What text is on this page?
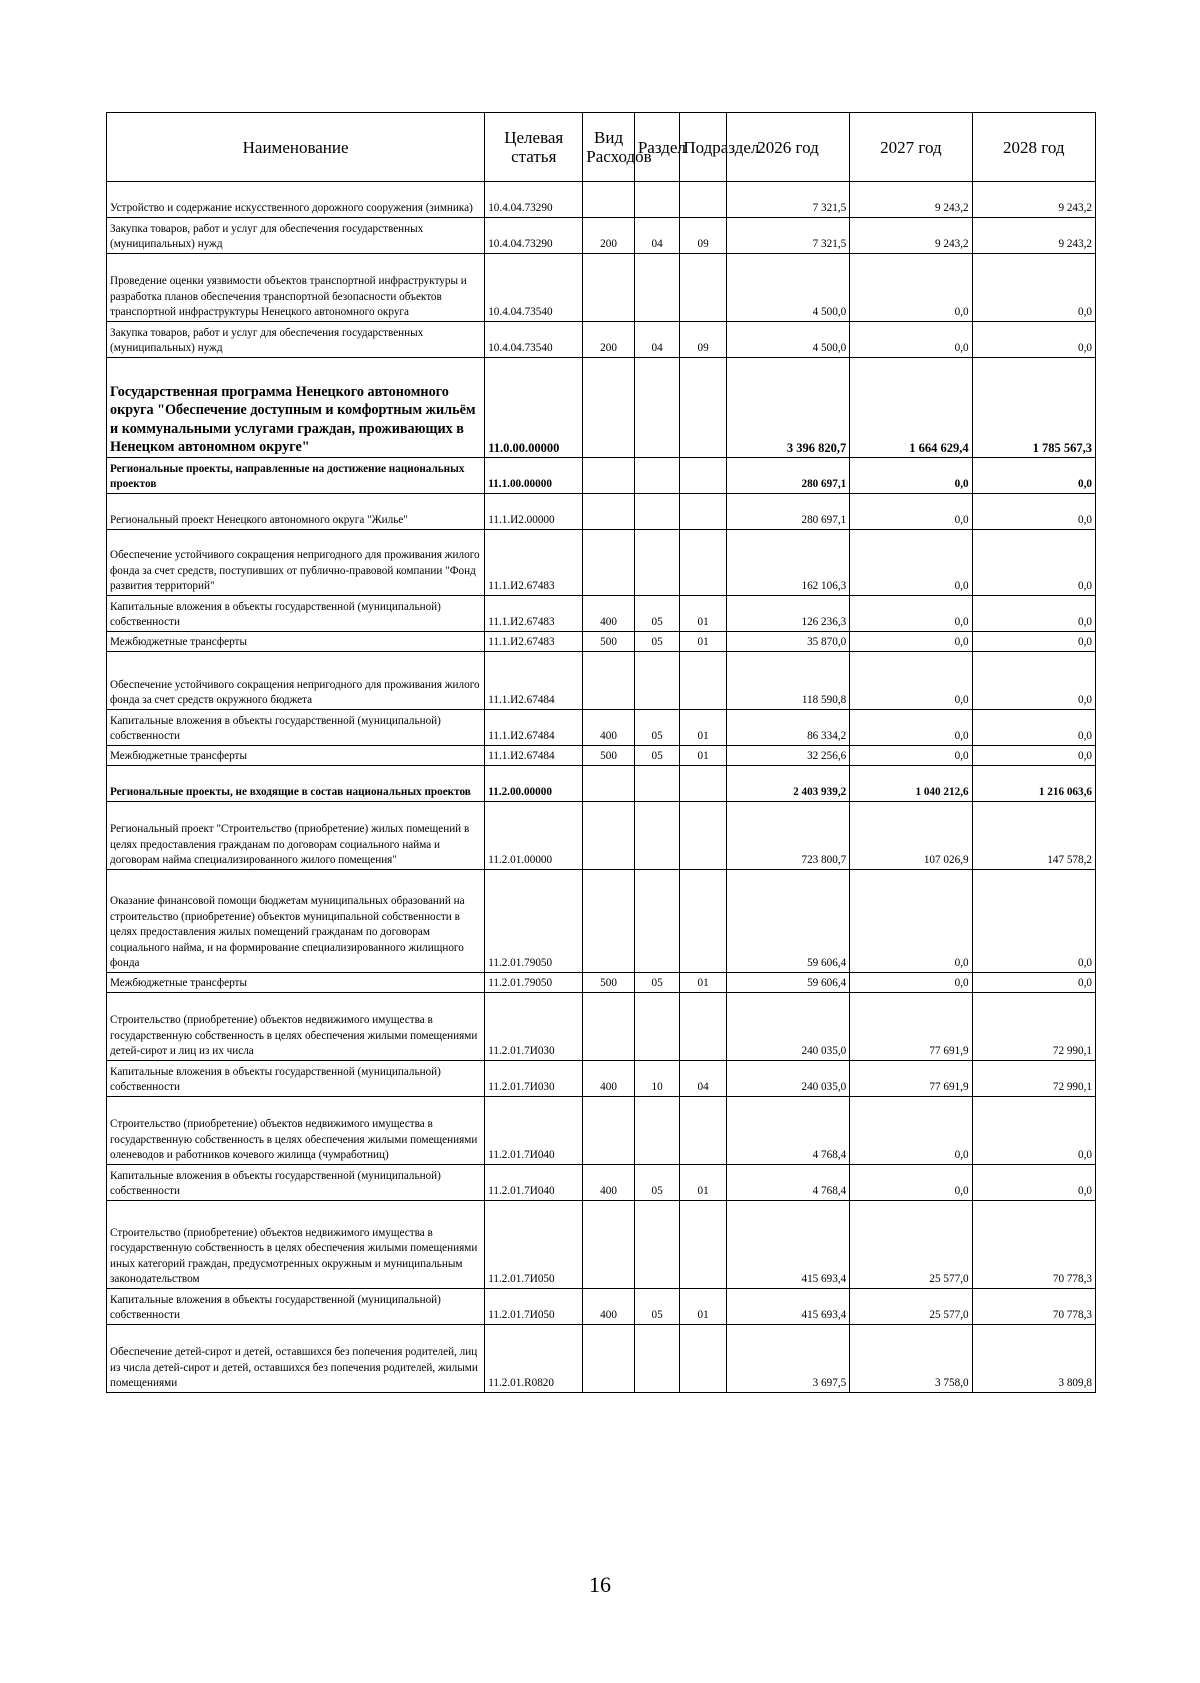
Наименование	Целевая статья	Вид Расходов	Раздел	Подраздел	2026 год	2027 год	2028 год
Устройство и содержание искусственного дорожного сооружения (зимника)	10.4.04.73290				7 321,5	9 243,2	9 243,2
Закупка товаров, работ и услуг для обеспечения государственных (муниципальных) нужд	10.4.04.73290	200	04	09	7 321,5	9 243,2	9 243,2
Проведение оценки уязвимости объектов транспортной инфраструктуры и разработка планов обеспечения транспортной безопасности объектов транспортной инфраструктуры Ненецкого автономного округа	10.4.04.73540				4 500,0	0,0	0,0
Закупка товаров, работ и услуг для обеспечения государственных (муниципальных) нужд	10.4.04.73540	200	04	09	4 500,0	0,0	0,0
Государственная программа Ненецкого автономного округа "Обеспечение доступным и комфортным жильём и коммунальными услугами граждан, проживающих в Ненецком автономном округе"	11.0.00.00000				3 396 820,7	1 664 629,4	1 785 567,3
Региональные проекты, направленные на достижение национальных проектов	11.1.00.00000				280 697,1	0,0	0,0
Региональный проект Ненецкого автономного округа "Жилье"	11.1.И2.00000				280 697,1	0,0	0,0
Обеспечение устойчивого сокращения непригодного для проживания жилого фонда за счет средств, поступивших от публично-правовой компании "Фонд развития территорий"	11.1.И2.67483				162 106,3	0,0	0,0
Капитальные вложения в объекты государственной (муниципальной) собственности	11.1.И2.67483	400	05	01	126 236,3	0,0	0,0
Межбюджетные трансферты	11.1.И2.67483	500	05	01	35 870,0	0,0	0,0
Обеспечение устойчивого сокращения непригодного для проживания жилого фонда за счет средств окружного бюджета	11.1.И2.67484				118 590,8	0,0	0,0
Капитальные вложения в объекты государственной (муниципальной) собственности	11.1.И2.67484	400	05	01	86 334,2	0,0	0,0
Межбюджетные трансферты	11.1.И2.67484	500	05	01	32 256,6	0,0	0,0
Региональные проекты, не входящие в состав национальных проектов	11.2.00.00000				2 403 939,2	1 040 212,6	1 216 063,6
Региональный проект "Строительство (приобретение) жилых помещений в целях предоставления гражданам по договорам социального найма и договорам найма специализированного жилого помещения"	11.2.01.00000				723 800,7	107 026,9	147 578,2
Оказание финансовой помощи бюджетам муниципальных образований на строительство (приобретение) объектов муниципальной собственности в целях предоставления жилых помещений гражданам по договорам социального найма, и на формирование специализированного жилищного фонда	11.2.01.79050				59 606,4	0,0	0,0
Межбюджетные трансферты	11.2.01.79050	500	05	01	59 606,4	0,0	0,0
Строительство (приобретение) объектов недвижимого имущества в государственную собственность в целях обеспечения жилыми помещениями детей-сирот и лиц из их числа	11.2.01.7И030				240 035,0	77 691,9	72 990,1
Капитальные вложения в объекты государственной (муниципальной) собственности	11.2.01.7И030	400	10	04	240 035,0	77 691,9	72 990,1
Строительство (приобретение) объектов недвижимого имущества в государственную собственность в целях обеспечения жилыми помещениями оленеводов и работников кочевого жилища (чумработниц)	11.2.01.7И040				4 768,4	0,0	0,0
Капитальные вложения в объекты государственной (муниципальной) собственности	11.2.01.7И040	400	05	01	4 768,4	0,0	0,0
Строительство (приобретение) объектов недвижимого имущества в государственную собственность в целях обеспечения жилыми помещениями иных категорий граждан, предусмотренных окружным и муниципальным законодательством	11.2.01.7И050				415 693,4	25 577,0	70 778,3
Капитальные вложения в объекты государственной (муниципальной) собственности	11.2.01.7И050	400	05	01	415 693,4	25 577,0	70 778,3
Обеспечение детей-сирот и детей, оставшихся без попечения родителей, лиц из числа детей-сирот и детей, оставшихся без попечения родителей, жилыми помещениями	11.2.01.R0820				3 697,5	3 758,0	3 809,8
16
